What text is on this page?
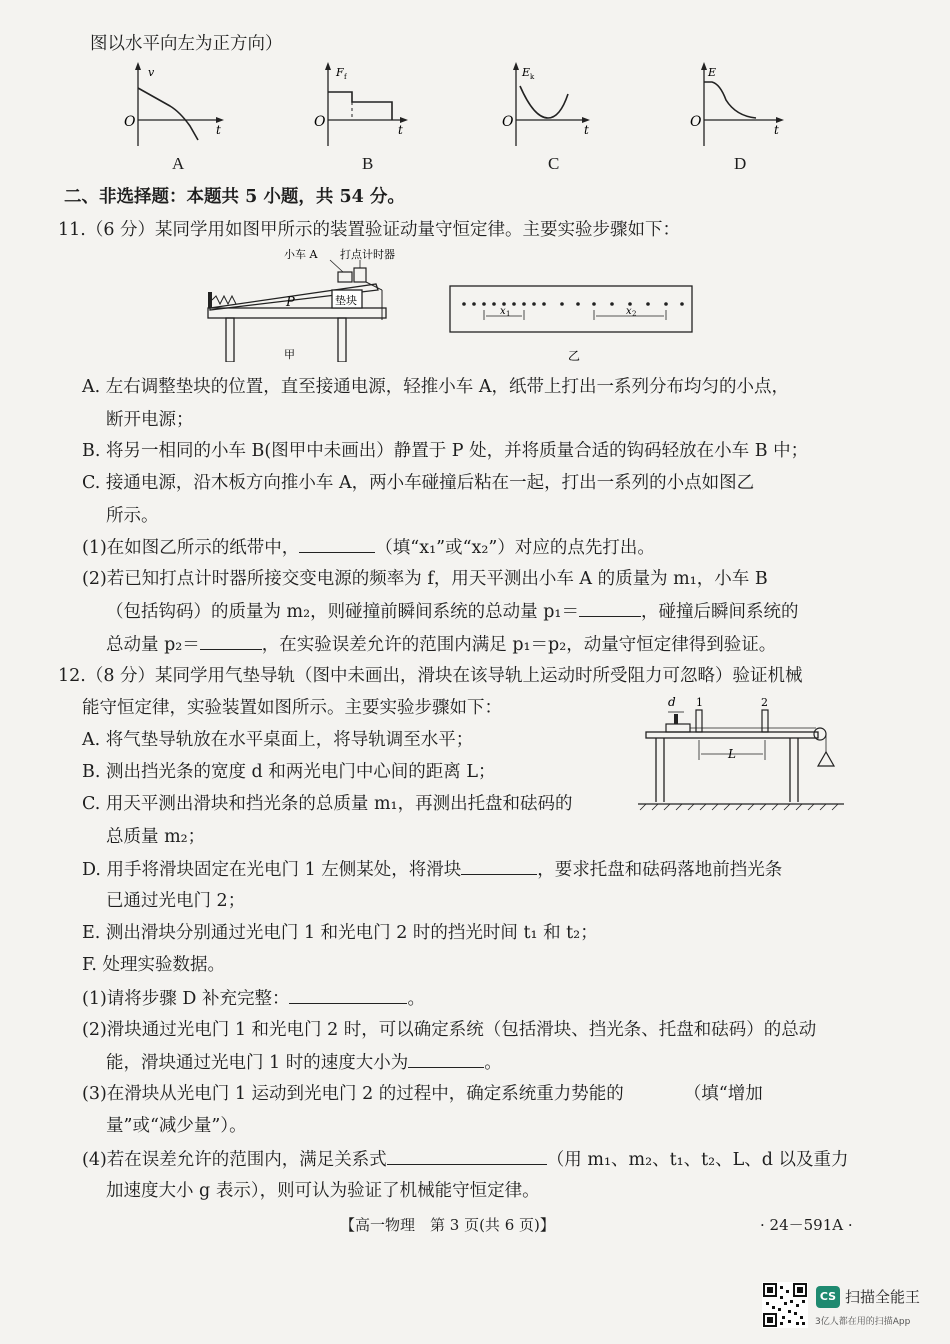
图以水平向左为正方向）
v
t
O
A
F f
t
O
B
E k
t
O
C
E
t
O
D
二、非选择题：本题共 5 小题，共 54 分。
11.（6 分）某同学用如图甲所示的装置验证动量守恒定律。主要实验步骤如下：
垫块
P
小车 A 打点计时器
甲
x 1	x 2
乙
A. 左右调整垫块的位置，直至接通电源，轻推小车 A，纸带上打出一系列分布均匀的小点，
断开电源；
B. 将另一相同的小车 B(图甲中未画出）静置于 P 处，并将质量合适的钩码轻放在小车 B 中；
C. 接通电源，沿木板方向推小车 A，两小车碰撞后粘在一起，打出一系列的小点如图乙
所示。
(1)在如图乙所示的纸带中，	（填“x₁”或“x₂”）对应的点先打出。
(2)若已知打点计时器所接交变电源的频率为 f，用天平测出小车 A 的质量为 m₁，小车 B
（包括钩码）的质量为 m₂，则碰撞前瞬间系统的总动量 p₁＝	，碰撞后瞬间系统的
总动量 p₂＝	，在实验误差允许的范围内满足 p₁＝p₂，动量守恒定律得到验证。
12.（8 分）某同学用气垫导轨（图中未画出，滑块在该导轨上运动时所受阻力可忽略）验证机械
能守恒定律，实验装置如图所示。主要实验步骤如下：	1	2
d
L
A. 将气垫导轨放在水平桌面上，将导轨调至水平；
B. 测出挡光条的宽度 d 和两光电门中心间的距离 L；
C. 用天平测出滑块和挡光条的总质量 m₁，再测出托盘和砝码的
总质量 m₂；
D. 用手将滑块固定在光电门 1 左侧某处，将滑块	，要求托盘和砝码落地前挡光条
已通过光电门 2；
E. 测出滑块分别通过光电门 1 和光电门 2 时的挡光时间 t₁ 和 t₂；
F. 处理实验数据。
(1)请将步骤 D 补充完整：	。
(2)滑块通过光电门 1 和光电门 2 时，可以确定系统（包括滑块、挡光条、托盘和砝码）的总动
能，滑块通过光电门 1 时的速度大小为	。
(3)在滑块从光电门 1 运动到光电门 2 的过程中，确定系统重力势能的	（填“增加
量”或“减少量”）。
(4)若在误差允许的范围内，满足关系式	（用 m₁、m₂、t₁、t₂、L、d 以及重力
加速度大小 g 表示），则可认为验证了机械能守恒定律。
【高一物理　第 3 页(共 6 页)】	· 24－591A ·
CS 扫描全能王
3亿人都在用的扫描App
